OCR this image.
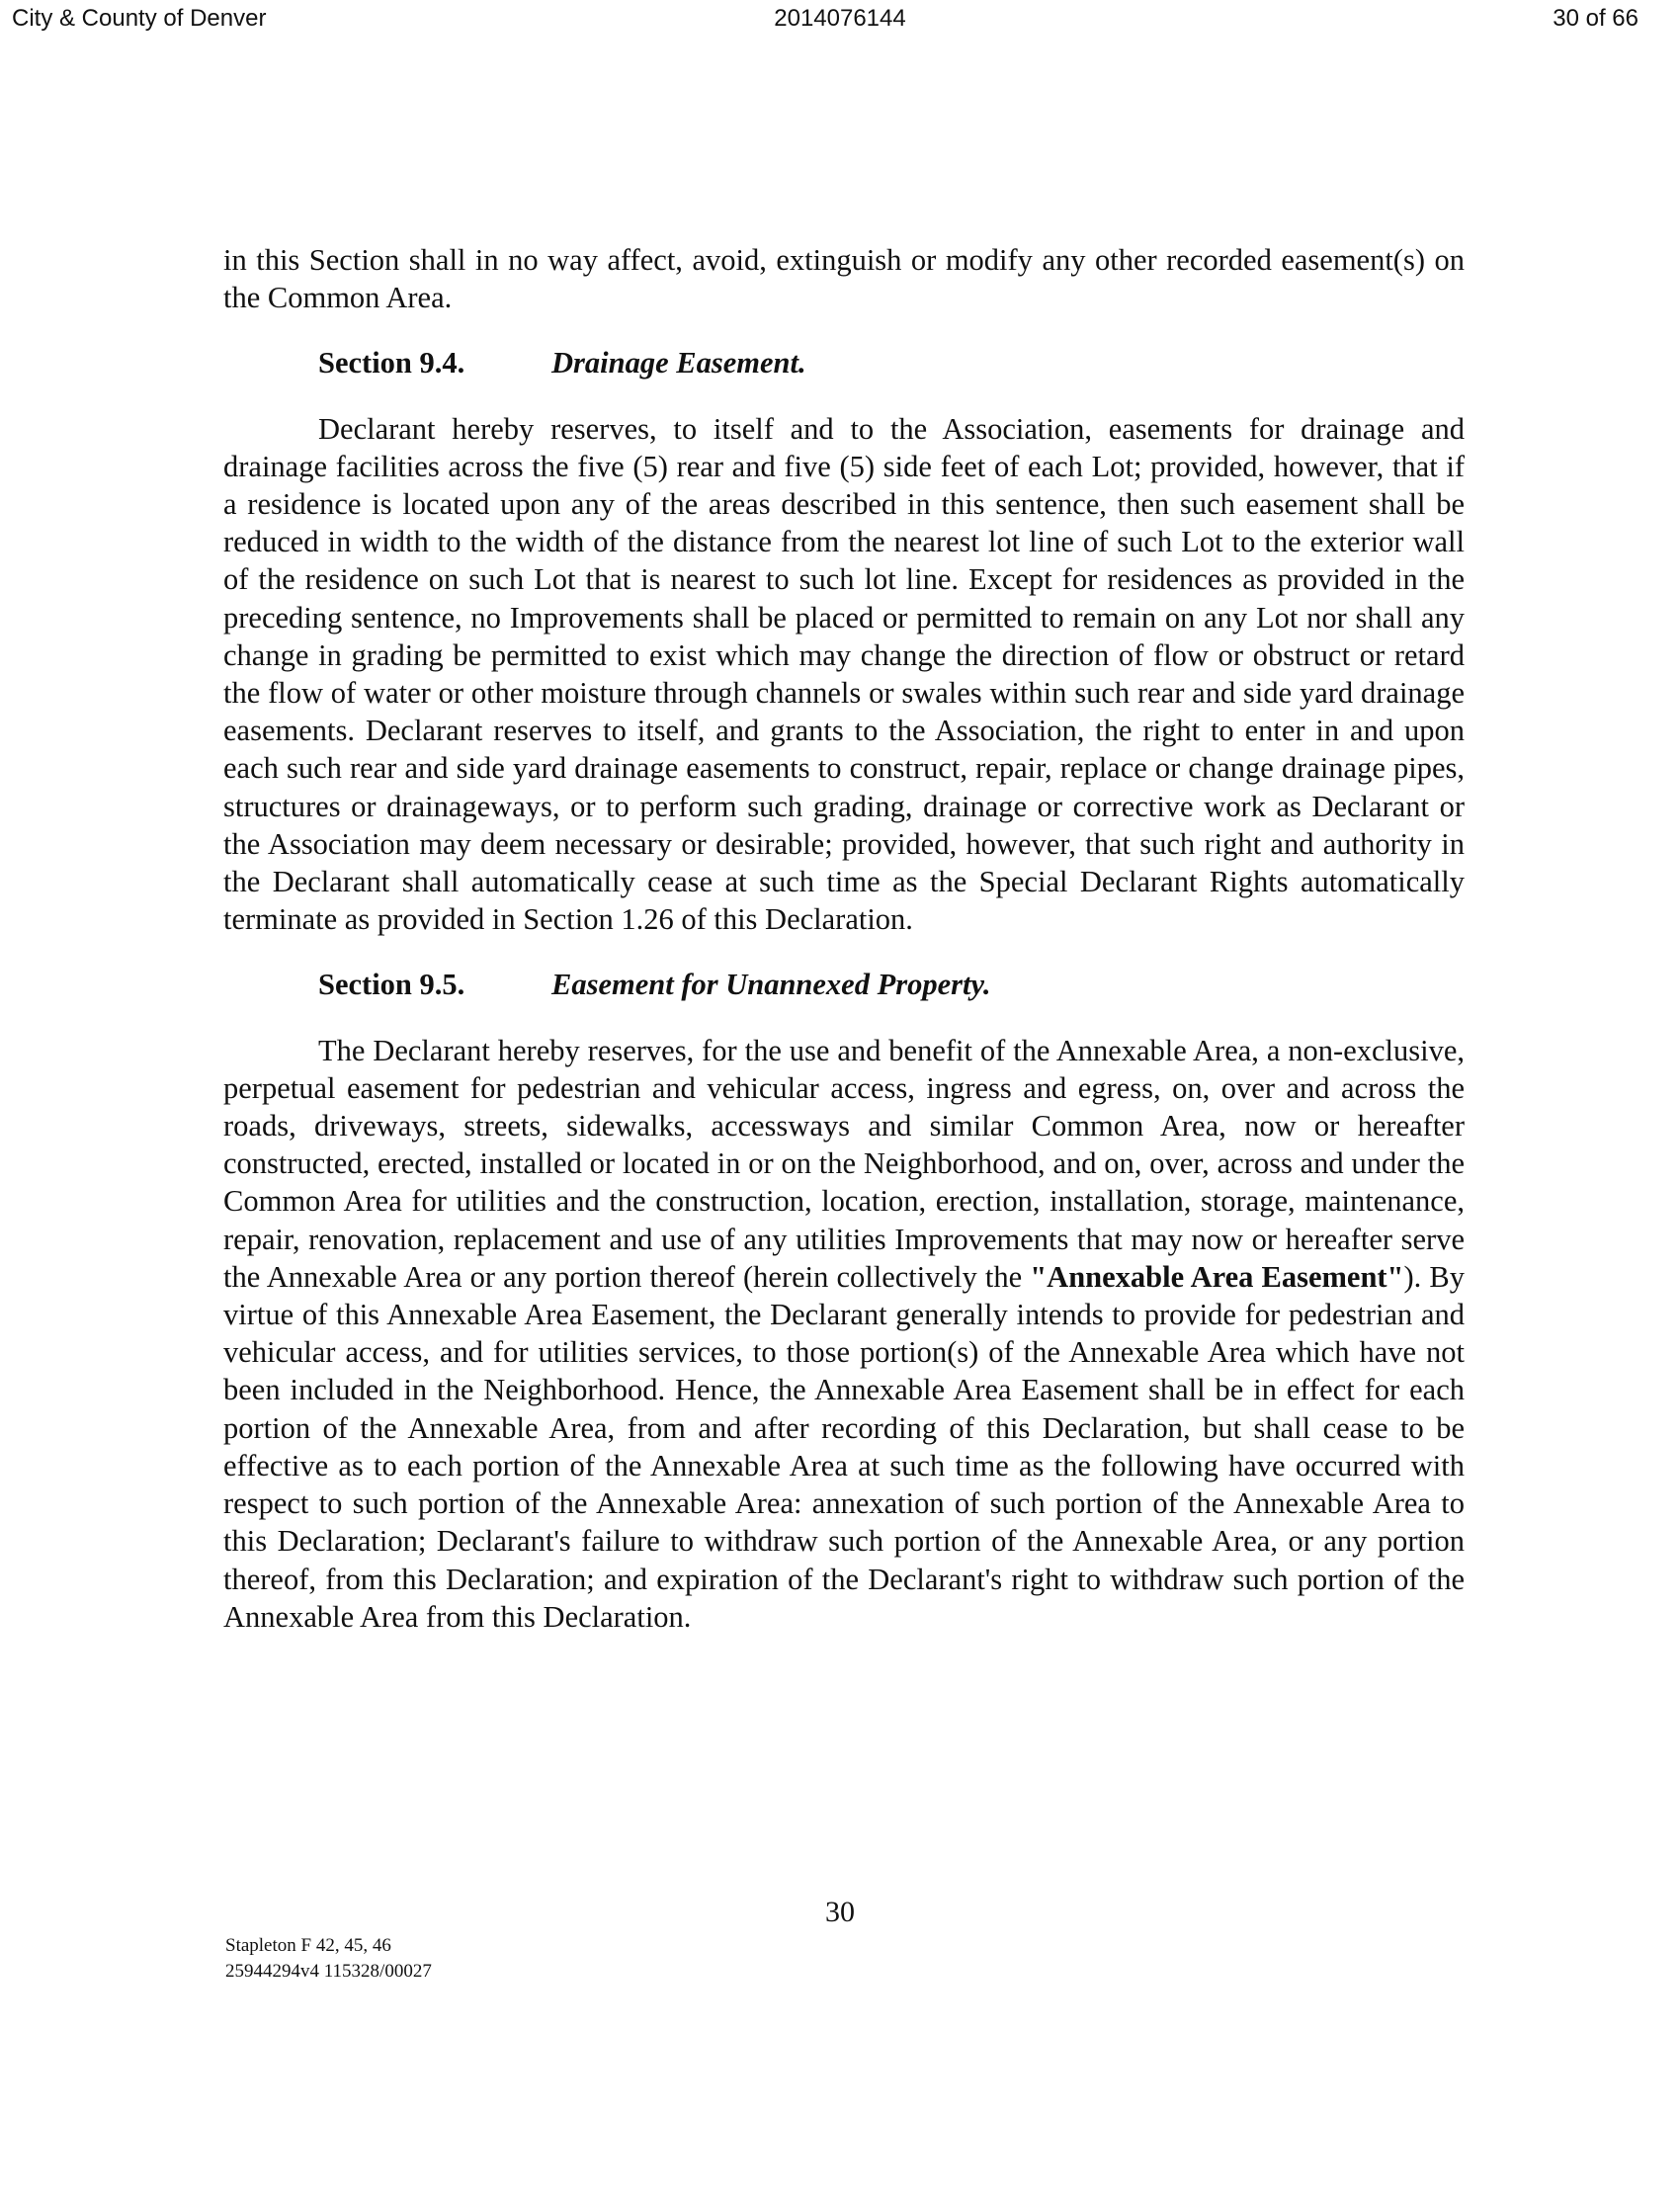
City & County of Denver	2014076144	30 of 66

in this Section shall in no way affect, avoid, extinguish or modify any other recorded easement(s) on the Common Area.

Section 9.4.	Drainage Easement.

Declarant hereby reserves, to itself and to the Association, easements for drainage and drainage facilities across the five (5) rear and five (5) side feet of each Lot; provided, however, that if a residence is located upon any of the areas described in this sentence, then such easement shall be reduced in width to the width of the distance from the nearest lot line of such Lot to the exterior wall of the residence on such Lot that is nearest to such lot line. Except for residences as provided in the preceding sentence, no Improvements shall be placed or permitted to remain on any Lot nor shall any change in grading be permitted to exist which may change the direction of flow or obstruct or retard the flow of water or other moisture through channels or swales within such rear and side yard drainage easements. Declarant reserves to itself, and grants to the Association, the right to enter in and upon each such rear and side yard drainage easements to construct, repair, replace or change drainage pipes, structures or drainageways, or to perform such grading, drainage or corrective work as Declarant or the Association may deem necessary or desirable; provided, however, that such right and authority in the Declarant shall automatically cease at such time as the Special Declarant Rights automatically terminate as provided in Section 1.26 of this Declaration.

Section 9.5.	Easement for Unannexed Property.

The Declarant hereby reserves, for the use and benefit of the Annexable Area, a non-exclusive, perpetual easement for pedestrian and vehicular access, ingress and egress, on, over and across the roads, driveways, streets, sidewalks, accessways and similar Common Area, now or hereafter constructed, erected, installed or located in or on the Neighborhood, and on, over, across and under the Common Area for utilities and the construction, location, erection, installation, storage, maintenance, repair, renovation, replacement and use of any utilities Improvements that may now or hereafter serve the Annexable Area or any portion thereof (herein collectively the "Annexable Area Easement"). By virtue of this Annexable Area Easement, the Declarant generally intends to provide for pedestrian and vehicular access, and for utilities services, to those portion(s) of the Annexable Area which have not been included in the Neighborhood. Hence, the Annexable Area Easement shall be in effect for each portion of the Annexable Area, from and after recording of this Declaration, but shall cease to be effective as to each portion of the Annexable Area at such time as the following have occurred with respect to such portion of the Annexable Area: annexation of such portion of the Annexable Area to this Declaration; Declarant's failure to withdraw such portion of the Annexable Area, or any portion thereof, from this Declaration; and expiration of the Declarant's right to withdraw such portion of the Annexable Area from this Declaration.

30

Stapleton F 42, 45, 46
25944294v4 115328/00027
